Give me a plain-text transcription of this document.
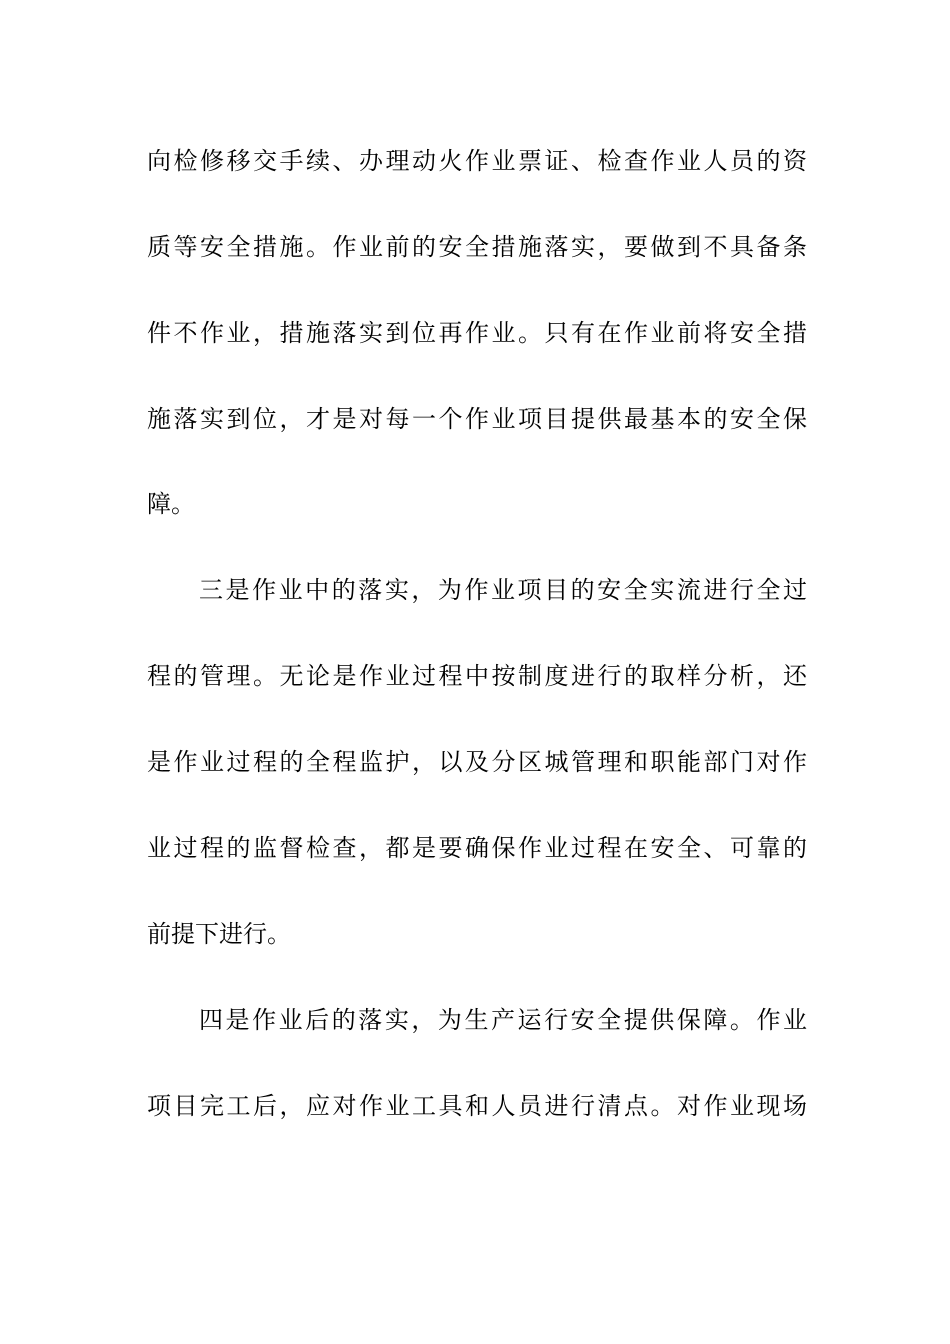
向检修移交手续、办理动火作业票证、检查作业人员的资
质等安全措施。作业前的安全措施落实，要做到不具备条
件不作业，措施落实到位再作业。只有在作业前将安全措
施落实到位，才是对每一个作业项目提供最基本的安全保
障。
三是作业中的落实，为作业项目的安全实流进行全过
程的管理。无论是作业过程中按制度进行的取样分析，还
是作业过程的全程监护，以及分区城管理和职能部门对作
业过程的监督检查，都是要确保作业过程在安全、可靠的
前提下进行。
四是作业后的落实，为生产运行安全提供保障。作业
项目完工后，应对作业工具和人员进行清点。对作业现场
